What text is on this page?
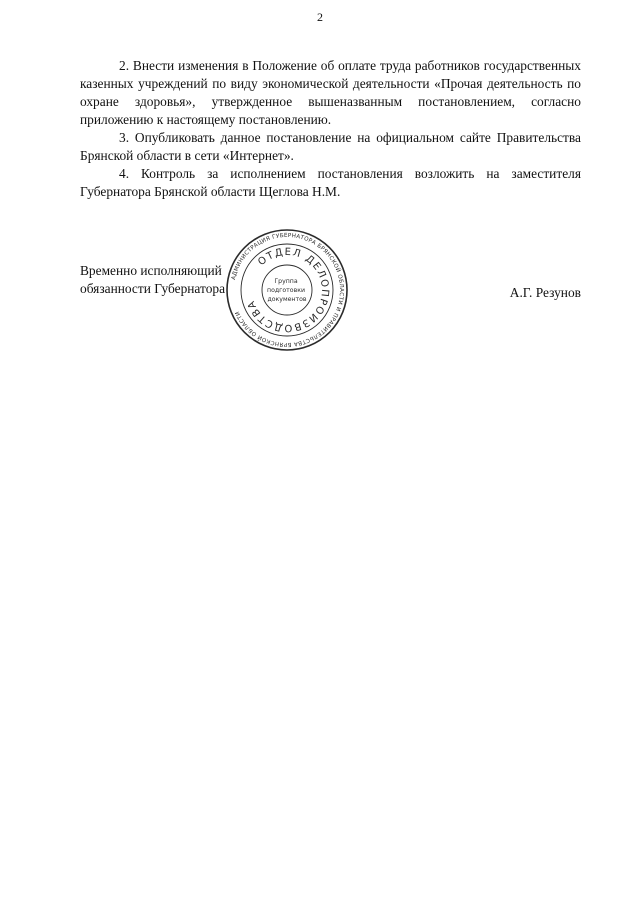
2

2. Внести изменения в Положение об оплате труда работников государственных казенных учреждений по виду экономической деятельности «Прочая деятельность по охране здоровья», утвержденное вышеназванным постановлением, согласно приложению к настоящему постановлению.

3. Опубликовать данное постановление на официальном сайте Правительства Брянской области в сети «Интернет».

4. Контроль за исполнением постановления возложить на заместителя Губернатора Брянской области Щеглова Н.М.

Временно исполняющий
обязанности Губернатора	А.Г. Резунов
АДМИНИСТРАЦИЯ ГУБЕРНАТОРА БРЯНСКОЙ ОБЛАСТИ И ПРАВИТЕЛЬСТВА БРЯНСКОЙ ОБЛАСТИ
ОТДЕЛ ДЕЛОПРОИЗВОДСТВА
Группа подготовки документов
